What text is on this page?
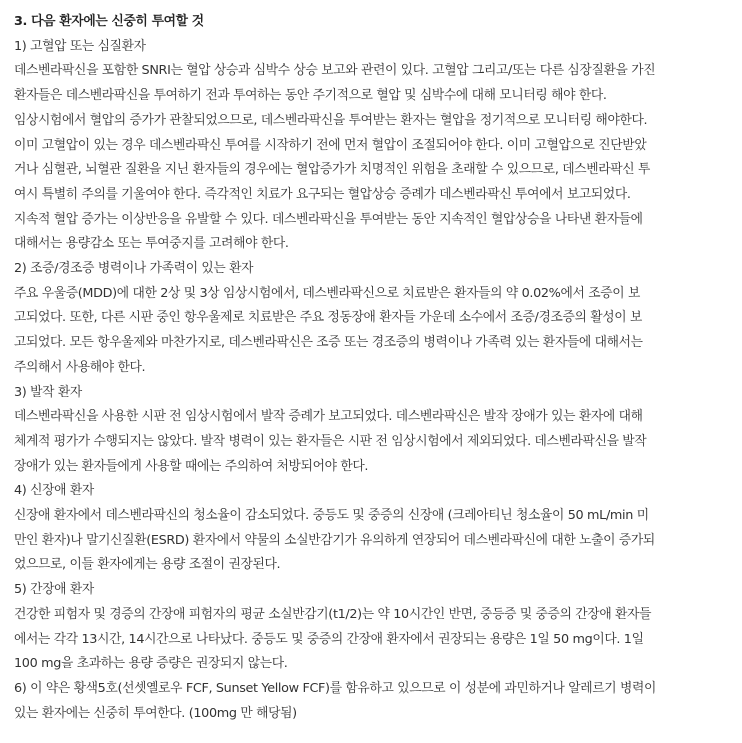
3. 다음 환자에는 신중히 투여할 것
1) 고혈압 또는 심질환자
데스벤라팍신을 포함한 SNRI는 혈압 상승과 심박수 상승 보고와 관련이 있다. 고혈압 그리고/또는 다른 심장질환을 가진
환자들은 데스벤라팍신을 투여하기 전과 투여하는 동안 주기적으로 혈압 및 심박수에 대해 모니터링 해야 한다.
임상시험에서 혈압의 증가가 관찰되었으므로, 데스벤라팍신을 투여받는 환자는 혈압을 정기적으로 모니터링 해야한다.
이미 고혈압이 있는 경우 데스벤라팍신 투여를 시작하기 전에 먼저 혈압이 조절되어야 한다. 이미 고혈압으로 진단받았
거나 심혈관, 뇌혈관 질환을 지닌 환자들의 경우에는 혈압증가가 치명적인 위험을 초래할 수 있으므로, 데스벤라팍신 투
여시 특별히 주의를 기울여야 한다. 즉각적인 치료가 요구되는 혈압상승 증례가 데스벤라팍신 투여에서 보고되었다.
지속적 혈압 증가는 이상반응을 유발할 수 있다. 데스벤라팍신을 투여받는 동안 지속적인 혈압상승을 나타낸 환자들에
대해서는 용량감소 또는 투여중지를 고려해야 한다.
2) 조증/경조증 병력이나 가족력이 있는 환자
주요 우울증(MDD)에 대한 2상 및 3상 임상시험에서, 데스벤라팍신으로 치료받은 환자들의 약 0.02%에서 조증이 보
고되었다. 또한, 다른 시판 중인 항우울제로 치료받은 주요 정동장애 환자들 가운데 소수에서 조증/경조증의 활성이 보
고되었다. 모든 항우울제와 마찬가지로, 데스벤라팍신은 조증 또는 경조증의 병력이나 가족력 있는 환자들에 대해서는
주의해서 사용해야 한다.
3) 발작 환자
데스벤라팍신을 사용한 시판 전 임상시험에서 발작 증례가 보고되었다. 데스벤라팍신은 발작 장애가 있는 환자에 대해
체계적 평가가 수행되지는 않았다. 발작 병력이 있는 환자들은 시판 전 임상시험에서 제외되었다. 데스벤라팍신을 발작
장애가 있는 환자들에게 사용할 때에는 주의하여 처방되어야 한다.
4) 신장애 환자
신장애 환자에서 데스벤라팍신의 청소율이 감소되었다. 중등도 및 중증의 신장애 (크레아티닌 청소율이 50 mL/min 미
만인 환자)나 말기신질환(ESRD) 환자에서 약물의 소실반감기가 유의하게 연장되어 데스벤라팍신에 대한 노출이 증가되
었으므로, 이들 환자에게는 용량 조절이 권장된다.
5) 간장애 환자
건강한 피험자 및 경증의 간장애 피험자의 평균 소실반감기(t1/2)는 약 10시간인 반면, 중등증 및 중증의 간장애 환자들
에서는 각각 13시간, 14시간으로 나타났다. 중등도 및 중증의 간장애 환자에서 권장되는 용량은 1일 50 mg이다. 1일
100 mg을 초과하는 용량 증량은 권장되지 않는다.
6) 이 약은 황색5호(선셋옐로우 FCF, Sunset Yellow FCF)를 함유하고 있으므로 이 성분에 과민하거나 알레르기 병력이
있는 환자에는 신중히 투여한다. (100mg 만 해당됨)
